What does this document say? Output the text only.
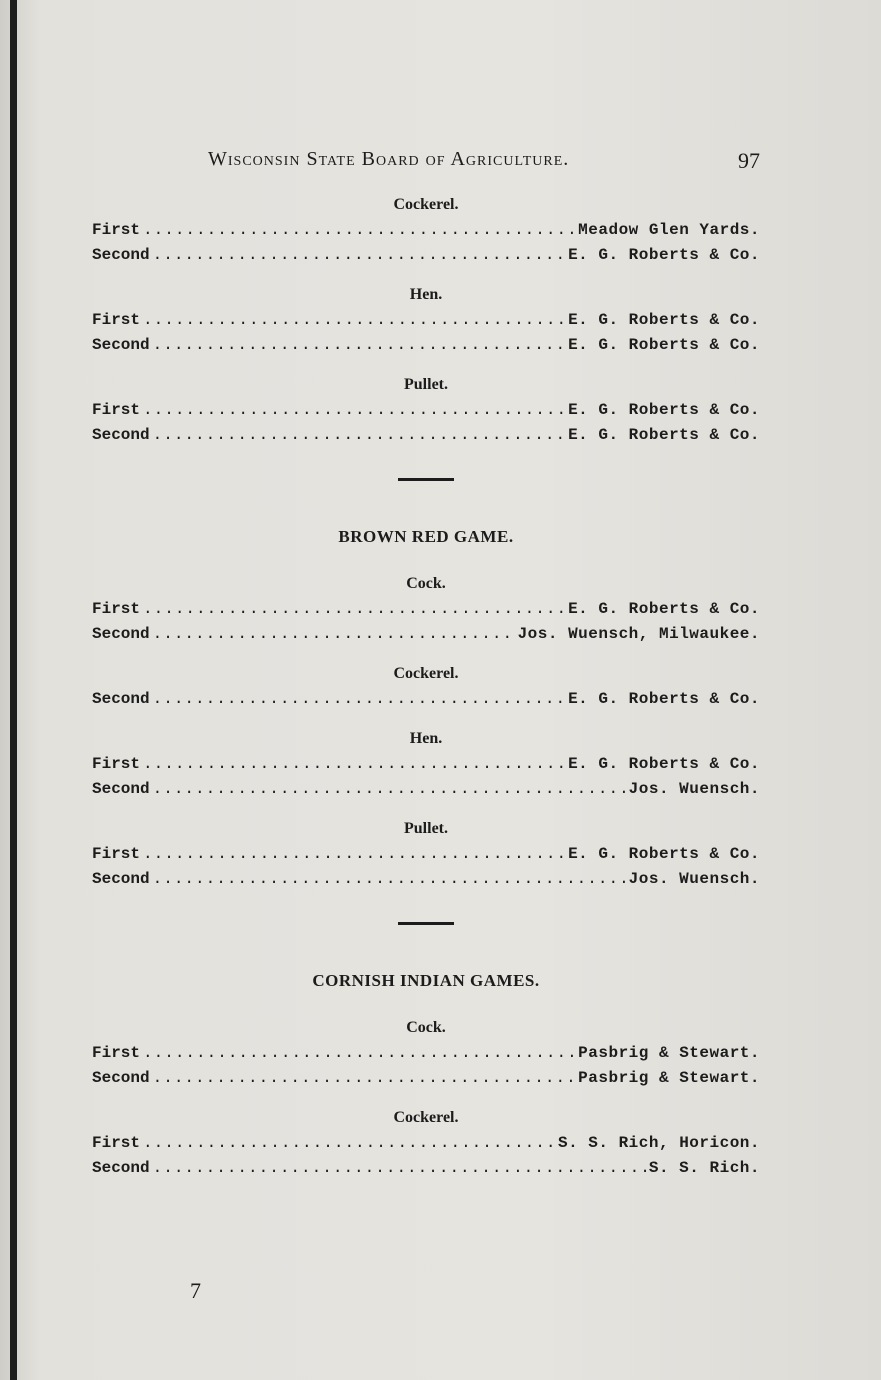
Wisconsin State Board of Agriculture.	97
Cockerel.
First .....	Meadow Glen Yards.
Second .....	E. G. Roberts & Co.
Hen.
First .....	E. G. Roberts & Co.
Second .....	E. G. Roberts & Co.
Pullet.
First .....	E. G. Roberts & Co.
Second .....	E. G. Roberts & Co.
BROWN RED GAME.
Cock.
First .....	E. G. Roberts & Co.
Second .....	Jos. Wuensch, Milwaukee.
Cockerel.
Second .....	E. G. Roberts & Co.
Hen.
First .....	E. G. Roberts & Co.
Second .....	Jos. Wuensch.
Pullet.
First .....	E. G. Roberts & Co.
Second .....	Jos. Wuensch.
CORNISH INDIAN GAMES.
Cock.
First .....	Pasbrig & Stewart.
Second .....	Pasbrig & Stewart.
Cockerel.
First .....	S. S. Rich, Horicon.
Second .....	S. S. Rich.
7
